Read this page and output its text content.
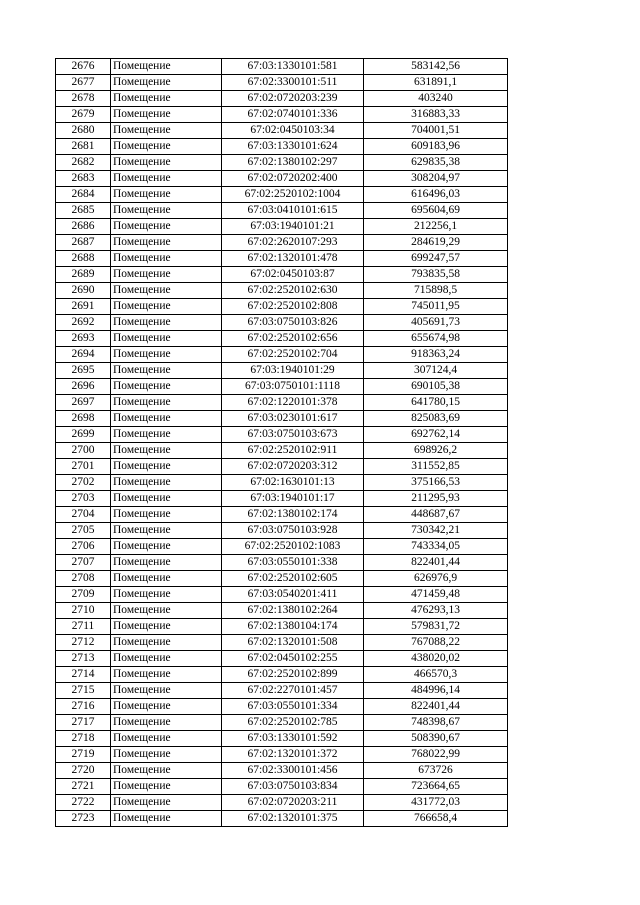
2676	Помещение	67:03:1330101:581	583142,56
2677	Помещение	67:02:3300101:511	631891,1
2678	Помещение	67:02:0720203:239	403240
2679	Помещение	67:02:0740101:336	316883,33
2680	Помещение	67:02:0450103:34	704001,51
2681	Помещение	67:03:1330101:624	609183,96
2682	Помещение	67:02:1380102:297	629835,38
2683	Помещение	67:02:0720202:400	308204,97
2684	Помещение	67:02:2520102:1004	616496,03
2685	Помещение	67:03:0410101:615	695604,69
2686	Помещение	67:03:1940101:21	212256,1
2687	Помещение	67:02:2620107:293	284619,29
2688	Помещение	67:02:1320101:478	699247,57
2689	Помещение	67:02:0450103:87	793835,58
2690	Помещение	67:02:2520102:630	715898,5
2691	Помещение	67:02:2520102:808	745011,95
2692	Помещение	67:03:0750103:826	405691,73
2693	Помещение	67:02:2520102:656	655674,98
2694	Помещение	67:02:2520102:704	918363,24
2695	Помещение	67:03:1940101:29	307124,4
2696	Помещение	67:03:0750101:1118	690105,38
2697	Помещение	67:02:1220101:378	641780,15
2698	Помещение	67:03:0230101:617	825083,69
2699	Помещение	67:03:0750103:673	692762,14
2700	Помещение	67:02:2520102:911	698926,2
2701	Помещение	67:02:0720203:312	311552,85
2702	Помещение	67:02:1630101:13	375166,53
2703	Помещение	67:03:1940101:17	211295,93
2704	Помещение	67:02:1380102:174	448687,67
2705	Помещение	67:03:0750103:928	730342,21
2706	Помещение	67:02:2520102:1083	743334,05
2707	Помещение	67:03:0550101:338	822401,44
2708	Помещение	67:02:2520102:605	626976,9
2709	Помещение	67:03:0540201:411	471459,48
2710	Помещение	67:02:1380102:264	476293,13
2711	Помещение	67:02:1380104:174	579831,72
2712	Помещение	67:02:1320101:508	767088,22
2713	Помещение	67:02:0450102:255	438020,02
2714	Помещение	67:02:2520102:899	466570,3
2715	Помещение	67:02:2270101:457	484996,14
2716	Помещение	67:03:0550101:334	822401,44
2717	Помещение	67:02:2520102:785	748398,67
2718	Помещение	67:03:1330101:592	508390,67
2719	Помещение	67:02:1320101:372	768022,99
2720	Помещение	67:02:3300101:456	673726
2721	Помещение	67:03:0750103:834	723664,65
2722	Помещение	67:02:0720203:211	431772,03
2723	Помещение	67:02:1320101:375	766658,4
